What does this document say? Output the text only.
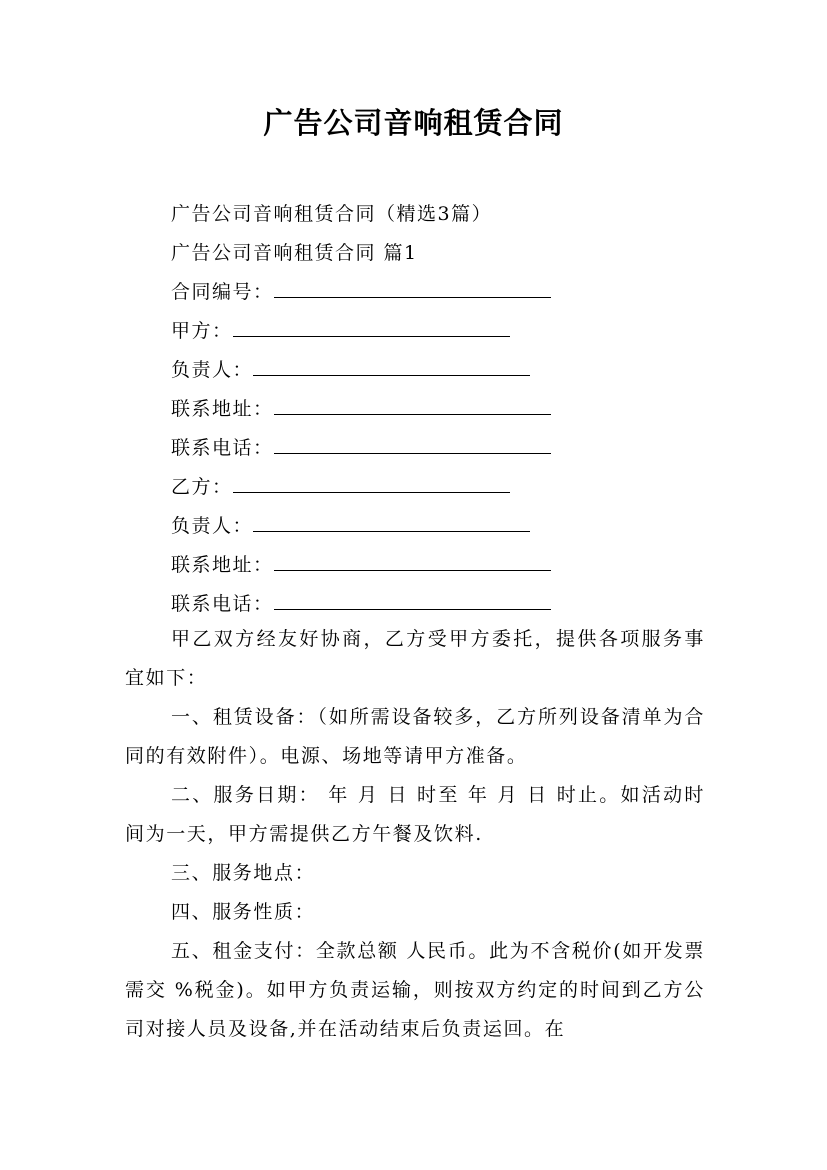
广告公司音响租赁合同
广告公司音响租赁合同（精选3篇）
广告公司音响租赁合同 篇1
合同编号：
甲方：
负责人：
联系地址：
联系电话：
乙方：
负责人：
联系地址：
联系电话：

甲乙双方经友好协商，乙方受甲方委托，提供各项服务事宜如下：

一、租赁设备：（如所需设备较多，乙方所列设备清单为合同的有效附件）。电源、场地等请甲方准备。

二、服务日期： 年 月 日 时至 年 月 日 时止。如活动时间为一天，甲方需提供乙方午餐及饮料.

三、服务地点：

四、服务性质：

五、租金支付：全款总额 人民币。此为不含税价(如开发票需交 %税金)。如甲方负责运输，则按双方约定的时间到乙方公司对接人员及设备,并在活动结束后负责运回。在
